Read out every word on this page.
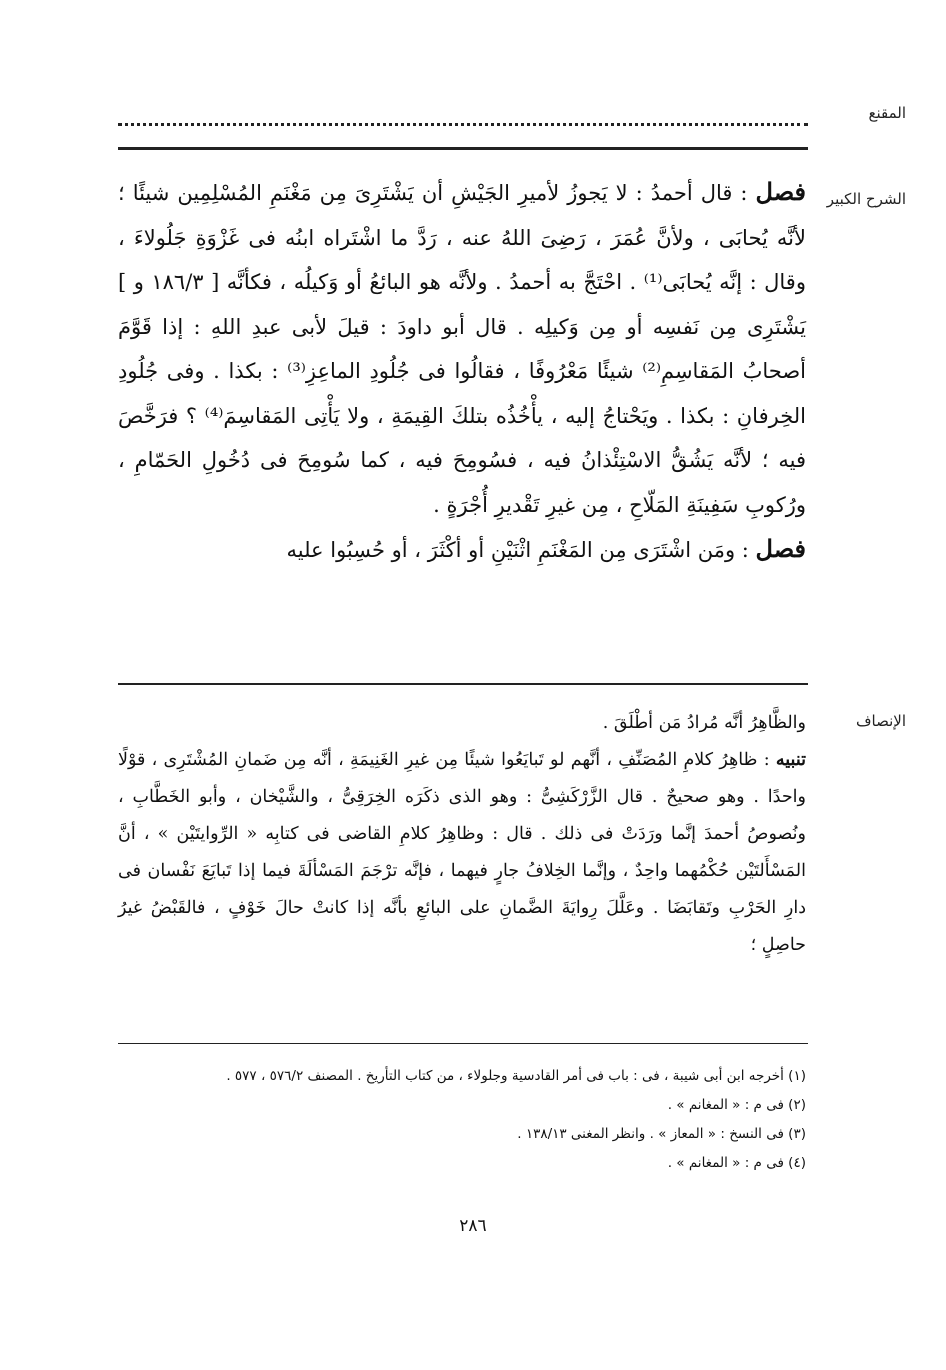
المقنع
الشرح الكبير

فصل : قال أحمدُ : لا يَجوزُ لأميرِ الجَيْشِ أن يَشْتَرِىَ مِن مَغْنَمِ المُسْلِمِين شيئًا ؛ لأنَّه يُحابَى ، ولأنَّ عُمَرَ ، رَضِىَ اللهُ عنه ، رَدَّ ما اشْتَراه ابنُه فى غَزْوَةِ جَلُولاءَ ، وقال : إنَّه يُحابَى⁽¹⁾ . احْتَجَّ به أحمدُ . ولأنَّه هو البائعُ أو وَكيلُه ، فكأنَّه [ ١٨٦/٣ و ] يَشْتَرِى مِن نَفسِه أو مِن وَكيلِه . قال أبو داودَ : قيلَ لأبى عبدِ اللهِ : إذا قَوَّمَ أصحابُ المَقاسِمِ⁽²⁾ شيئًا مَعْرُوفًا ، فقالُوا فى جُلُودِ الماعِزِ⁽³⁾ : بكذا . وفى جُلُودِ الخِرفانِ : بكذا . ويَحْتاجُ إليه ، يأْخُذُه بتلكَ القِيمَةِ ، ولا يَأْتِى المَقاسِمَ⁽⁴⁾ ؟ فرَخَّصَ فيه ؛ لأنَّه يَشُقُّ الاسْتِئْذانُ فيه ، فسُومِحَ فيه ، كما سُومِحَ فى دُخُولِ الحَمّامِ ، ورُكوبِ سَفِينَةِ المَلّاحِ ، مِن غيرِ تَقْديرِ أُجْرَةٍ .

فصل : ومَن اشْتَرَى مِن المَغْنَمِ اثْنَيْنِ أو أكْثَرَ ، أو حُسِبُوا عليه

الإنصاف

والظَّاهِرُ أنَّه مُرادُ مَن أطْلَقَ .

تنبيه : ظاهِرُ كلامِ المُصَنِّفِ ، أنَّهم لو تَبايَعُوا شيئًا مِن غيرِ الغَنِيمَةِ ، أنَّه مِن ضَمانِ المُشْتَرِى ، قوْلًا واحدًا . وهو صحيحٌ . قال الزَّرْكَشِىُّ : وهو الذى ذكَرَه الخِرَقِىُّ ، والشَّيْخان ، وأبو الخَطَّابِ ، ونُصوصُ أحمدَ إنَّما ورَدَتْ فى ذلك . قال : وظاهِرُ كلامِ القاضى فى كتابِه « الرِّوايتَيْن » ، أنَّ المَسْأَلتَيْن حُكْمُهما واحِدٌ ، وإنَّما الخِلافُ جارٍ فيهما ، فإنَّه ترْجَمَ المَسْألَةَ فيما إذا تَبايَعَ نَفْسان فى دارِ الحَرْبِ وتَقابَضَا . وعَلَّلَ رِوايَةَ الضَّمانِ على البائعِ بأنَّه إذا كانتْ حالَ خَوْفٍ ، فالقَبْضُ غيرُ حاصِلٍ ؛

(١) أخرجه ابن أبى شيبة ، فى : باب فى أمر القادسية وجلولاء ، من كتاب التأريخ . المصنف ٥٧٦/٢ ، ٥٧٧ .

(٢) فى م : « المغانم » .

(٣) فى النسخ : « المعاز » . وانظر المغنى ١٣٨/١٣ .

(٤) فى م : « المغانم » .

٢٨٦
